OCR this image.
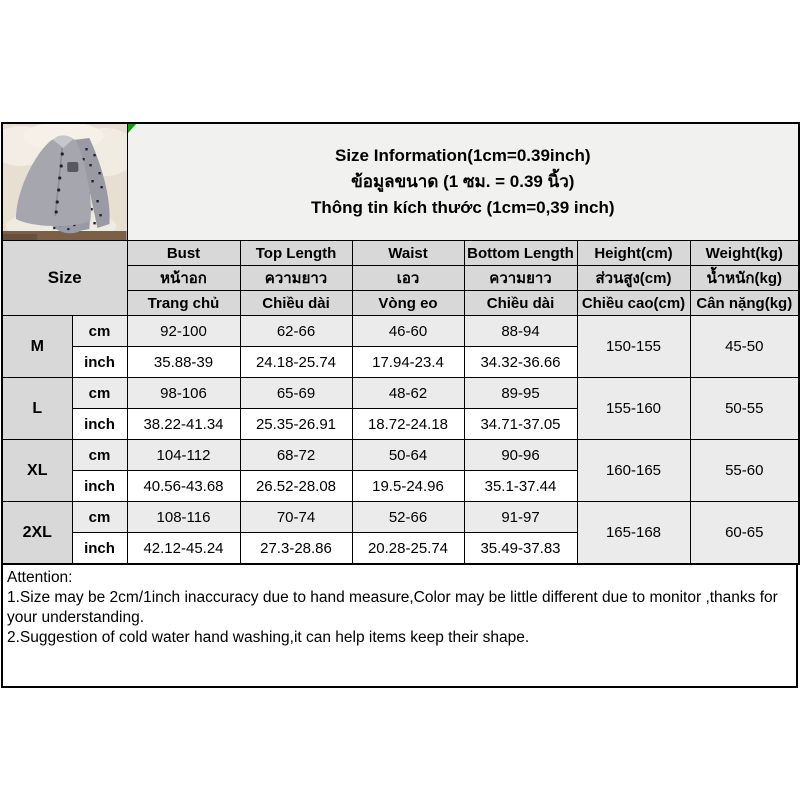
Size Information(1cm=0.39inch)
ข้อมูลขนาด (1 ซม. = 0.39 นิ้ว)
Thông tin kích thước (1cm=0,39 inch)					

Size		Bust	Top Length	Waist	Bottom Length	Height(cm)	Weight(kg)
		หน้าอก	ความยาว	เอว	ความยาว	ส่วนสูง(cm)	น้ำหนัก(kg)
		Trang chủ	Chiều dài	Vòng eo	Chiều dài	Chiều cao(cm)	Cân nặng(kg)
M	cm	92-100	62-66	46-60	88-94	150-155	45-50
	inch	35.88-39	24.18-25.74	17.94-23.4	34.32-36.66		
L	cm	98-106	65-69	48-62	89-95	155-160	50-55
	inch	38.22-41.34	25.35-26.91	18.72-24.18	34.71-37.05		
XL	cm	104-112	68-72	50-64	90-96	160-165	55-60
	inch	40.56-43.68	26.52-28.08	19.5-24.96	35.1-37.44		
2XL	cm	108-116	70-74	52-66	91-97	165-168	60-65
	inch	42.12-45.24	27.3-28.86	20.28-25.74	35.49-37.83		
Attention:
1.Size may be 2cm/1inch inaccuracy due to hand measure,Color may be little different due to monitor ,thanks for your understanding.
2.Suggestion of cold water hand washing,it can help items keep their shape.
